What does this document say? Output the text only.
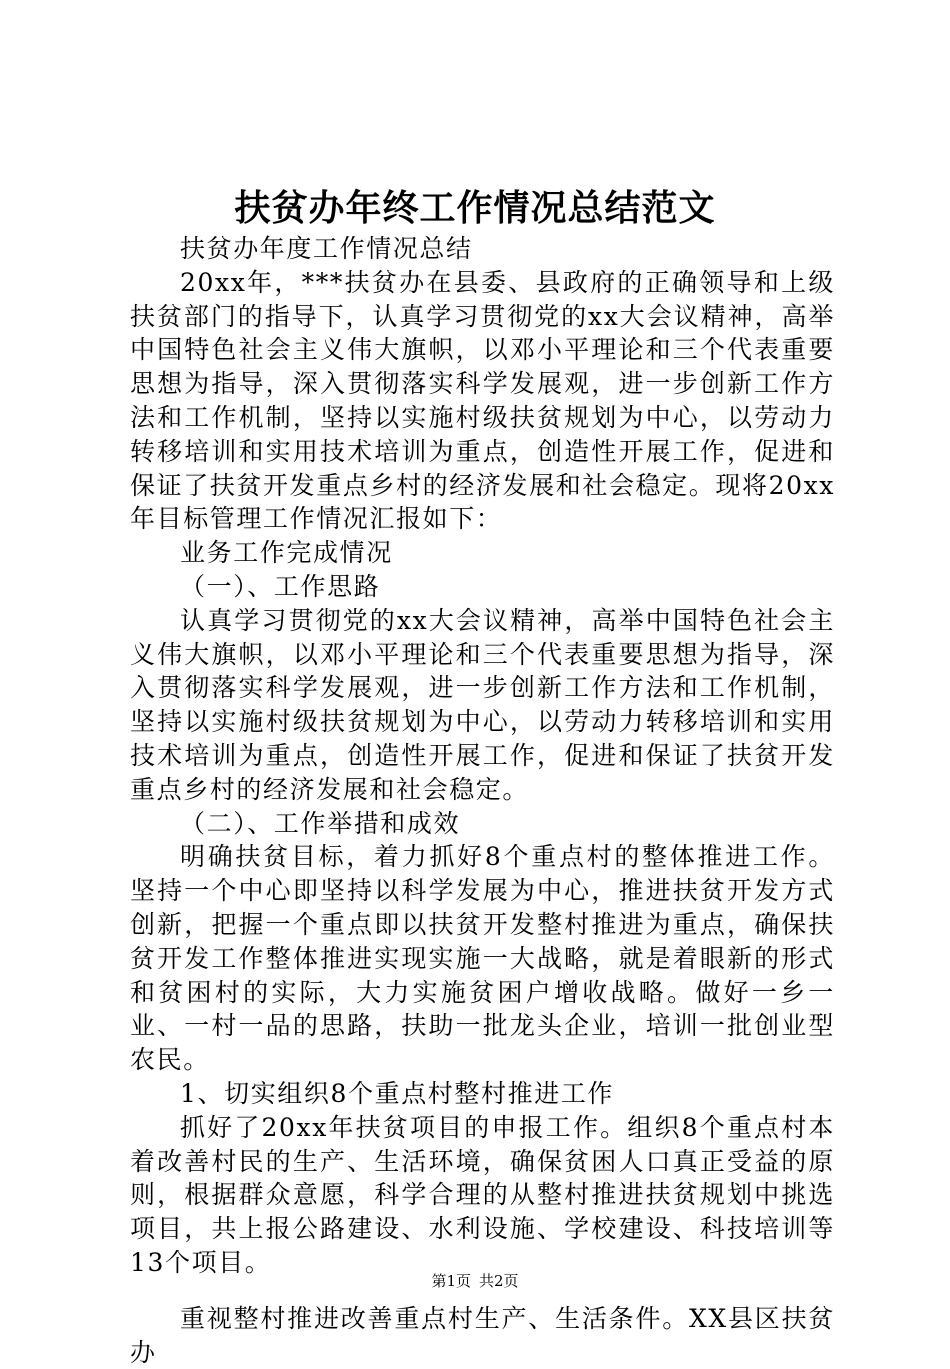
扶贫办年终工作情况总结范文

扶贫办年度工作情况总结

20xx年，***扶贫办在县委、县政府的正确领导和上级扶贫部门的指导下，认真学习贯彻党的xx大会议精神，高举中国特色社会主义伟大旗帜，以邓小平理论和三个代表重要思想为指导，深入贯彻落实科学发展观，进一步创新工作方法和工作机制，坚持以实施村级扶贫规划为中心，以劳动力转移培训和实用技术培训为重点，创造性开展工作，促进和保证了扶贫开发重点乡村的经济发展和社会稳定。现将20xx年目标管理工作情况汇报如下：

业务工作完成情况

（一）、工作思路

认真学习贯彻党的xx大会议精神，高举中国特色社会主义伟大旗帜，以邓小平理论和三个代表重要思想为指导，深入贯彻落实科学发展观，进一步创新工作方法和工作机制，坚持以实施村级扶贫规划为中心，以劳动力转移培训和实用技术培训为重点，创造性开展工作，促进和保证了扶贫开发重点乡村的经济发展和社会稳定。

（二）、工作举措和成效

明确扶贫目标，着力抓好8个重点村的整体推进工作。坚持一个中心即坚持以科学发展为中心，推进扶贫开发方式创新，把握一个重点即以扶贫开发整村推进为重点，确保扶贫开发工作整体推进实现实施一大战略，就是着眼新的形式和贫困村的实际，大力实施贫困户增收战略。做好一乡一业、一村一品的思路，扶助一批龙头企业，培训一批创业型农民。

1、切实组织8个重点村整村推进工作

抓好了20xx年扶贫项目的申报工作。组织8个重点村本着改善村民的生产、生活环境，确保贫困人口真正受益的原则，根据群众意愿，科学合理的从整村推进扶贫规划中挑选项目，共上报公路建设、水利设施、学校建设、科技培训等13个项目。

重视整村推进改善重点村生产、生活条件。XX县区扶贫办

第1页 共2页
